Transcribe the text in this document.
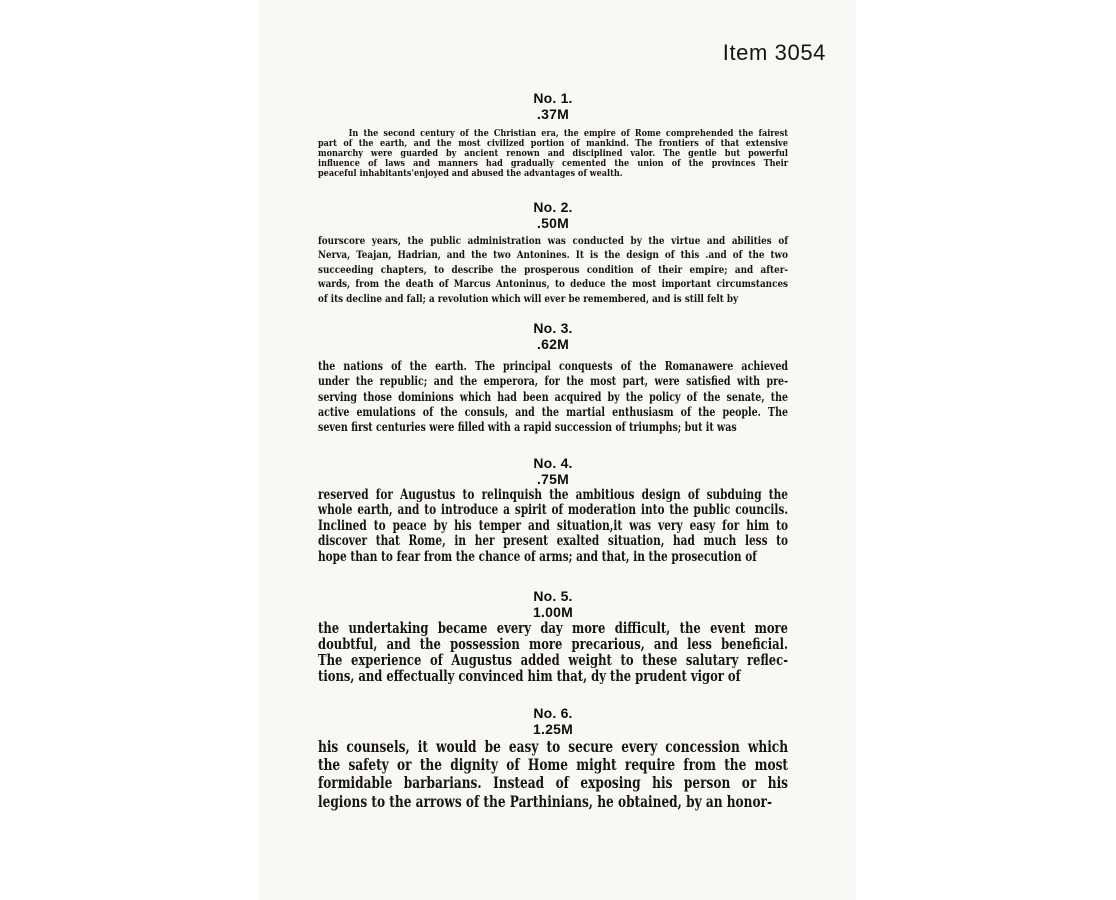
Item 3054
No. 1.
.37M
In the second century of the Christian era, the empire of Rome comprehended the fairest
part of the earth, and the most civilized portion of mankind. The frontiers of that extensive
monarchy were guarded by ancient renown and disciplined valor. The gentle but powerful
influence of laws and manners had gradually cemented the union of the provinces Their
peaceful inhabitants'enjoyed and abused the advantages of wealth.
No. 2.
.50M
fourscore years, the public administration was conducted by the virtue and abilities of
Nerva, Teajan, Hadrian, and the two Antonines. It is the design of this .and of the two
succeeding chapters, to describe the prosperous condition of their empire; and after-
wards, from the death of Marcus Antoninus, to deduce the most important circumstances
of its decline and fall; a revolution which will ever be remembered, and is still felt by
No. 3.
.62M
the nations of the earth. The principal conquests of the Romanawere achieved
under the republic; and the emperora, for the most part, were satisfied with pre-
serving those dominions which had been acquired by the policy of the senate, the
active emulations of the consuls, and the martial enthusiasm of the people. The
seven first centuries were filled with a rapid succession of triumphs; but it was
No. 4.
.75M
reserved for Augustus to relinquish the ambitious design of subduing the
whole earth, and to introduce a spirit of moderation into the public councils.
Inclined to peace by his temper and situation,it was very easy for him to
discover that Rome, in her present exalted situation, had much less to
hope than to fear from the chance of arms; and that, in the prosecution of
No. 5.
1.00M
the undertaking became every day more difficult, the event more
doubtful, and the possession more precarious, and less beneficial.
The experience of Augustus added weight to these salutary reflec-
tions, and effectually convinced him that, dy the prudent vigor of
No. 6.
1.25M
his counsels, it would be easy to secure every concession which
the safety or the dignity of Home might require from the most
formidable barbarians. Instead of exposing his person or his
legions to the arrows of the Parthinians, he obtained, by an honor-
